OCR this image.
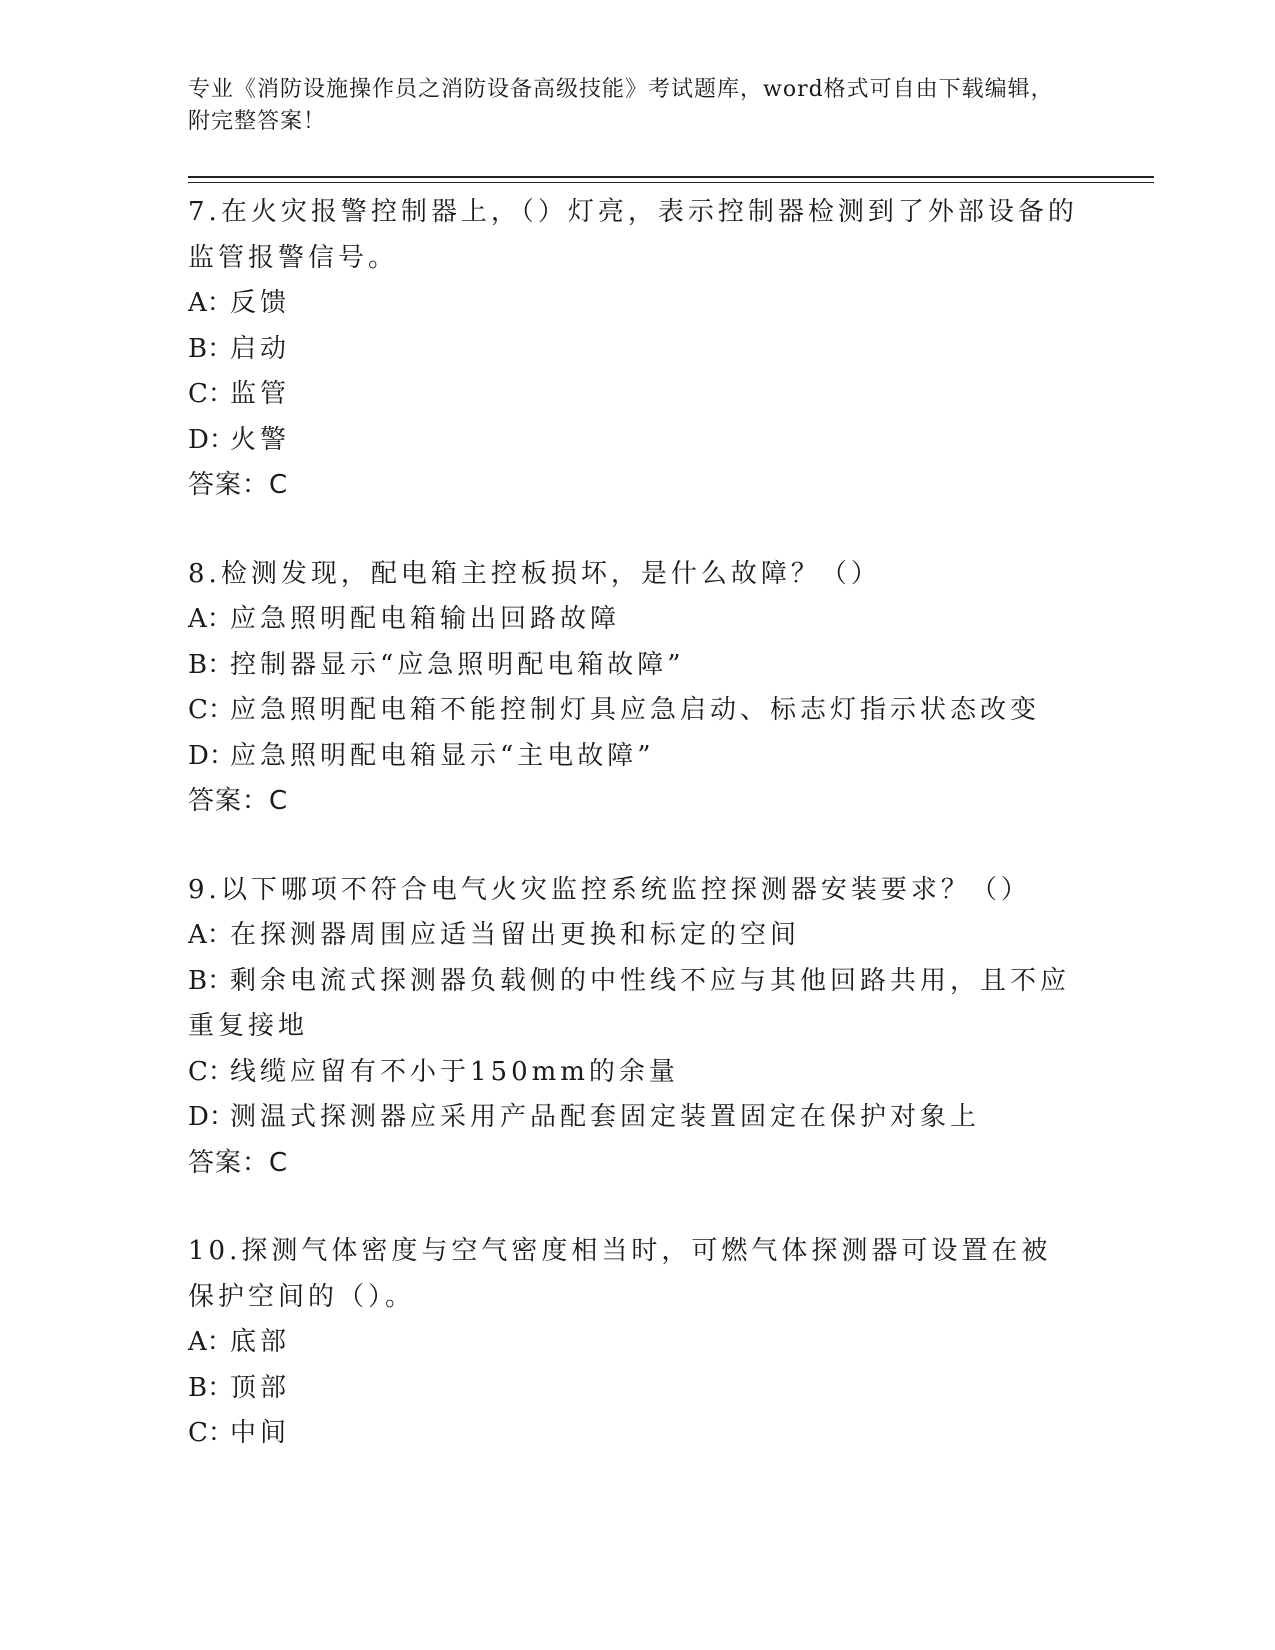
专业《消防设施操作员之消防设备高级技能》考试题库，word格式可自由下载编辑，附完整答案！

7.在火灾报警控制器上，（）灯亮，表示控制器检测到了外部设备的监管报警信号。

A：反馈

B：启动

C：监管

D：火警

答案：C

8.检测发现，配电箱主控板损坏，是什么故障？（）

A：应急照明配电箱输出回路故障

B：控制器显示“应急照明配电箱故障”

C：应急照明配电箱不能控制灯具应急启动、标志灯指示状态改变

D：应急照明配电箱显示“主电故障”

答案：C

9.以下哪项不符合电气火灾监控系统监控探测器安装要求？（）

A：在探测器周围应适当留出更换和标定的空间

B：剩余电流式探测器负载侧的中性线不应与其他回路共用，且不应重复接地

C：线缆应留有不小于150mm的余量

D：测温式探测器应采用产品配套固定装置固定在保护对象上

答案：C

10.探测气体密度与空气密度相当时，可燃气体探测器可设置在被保护空间的（）。

A：底部

B：顶部

C：中间
